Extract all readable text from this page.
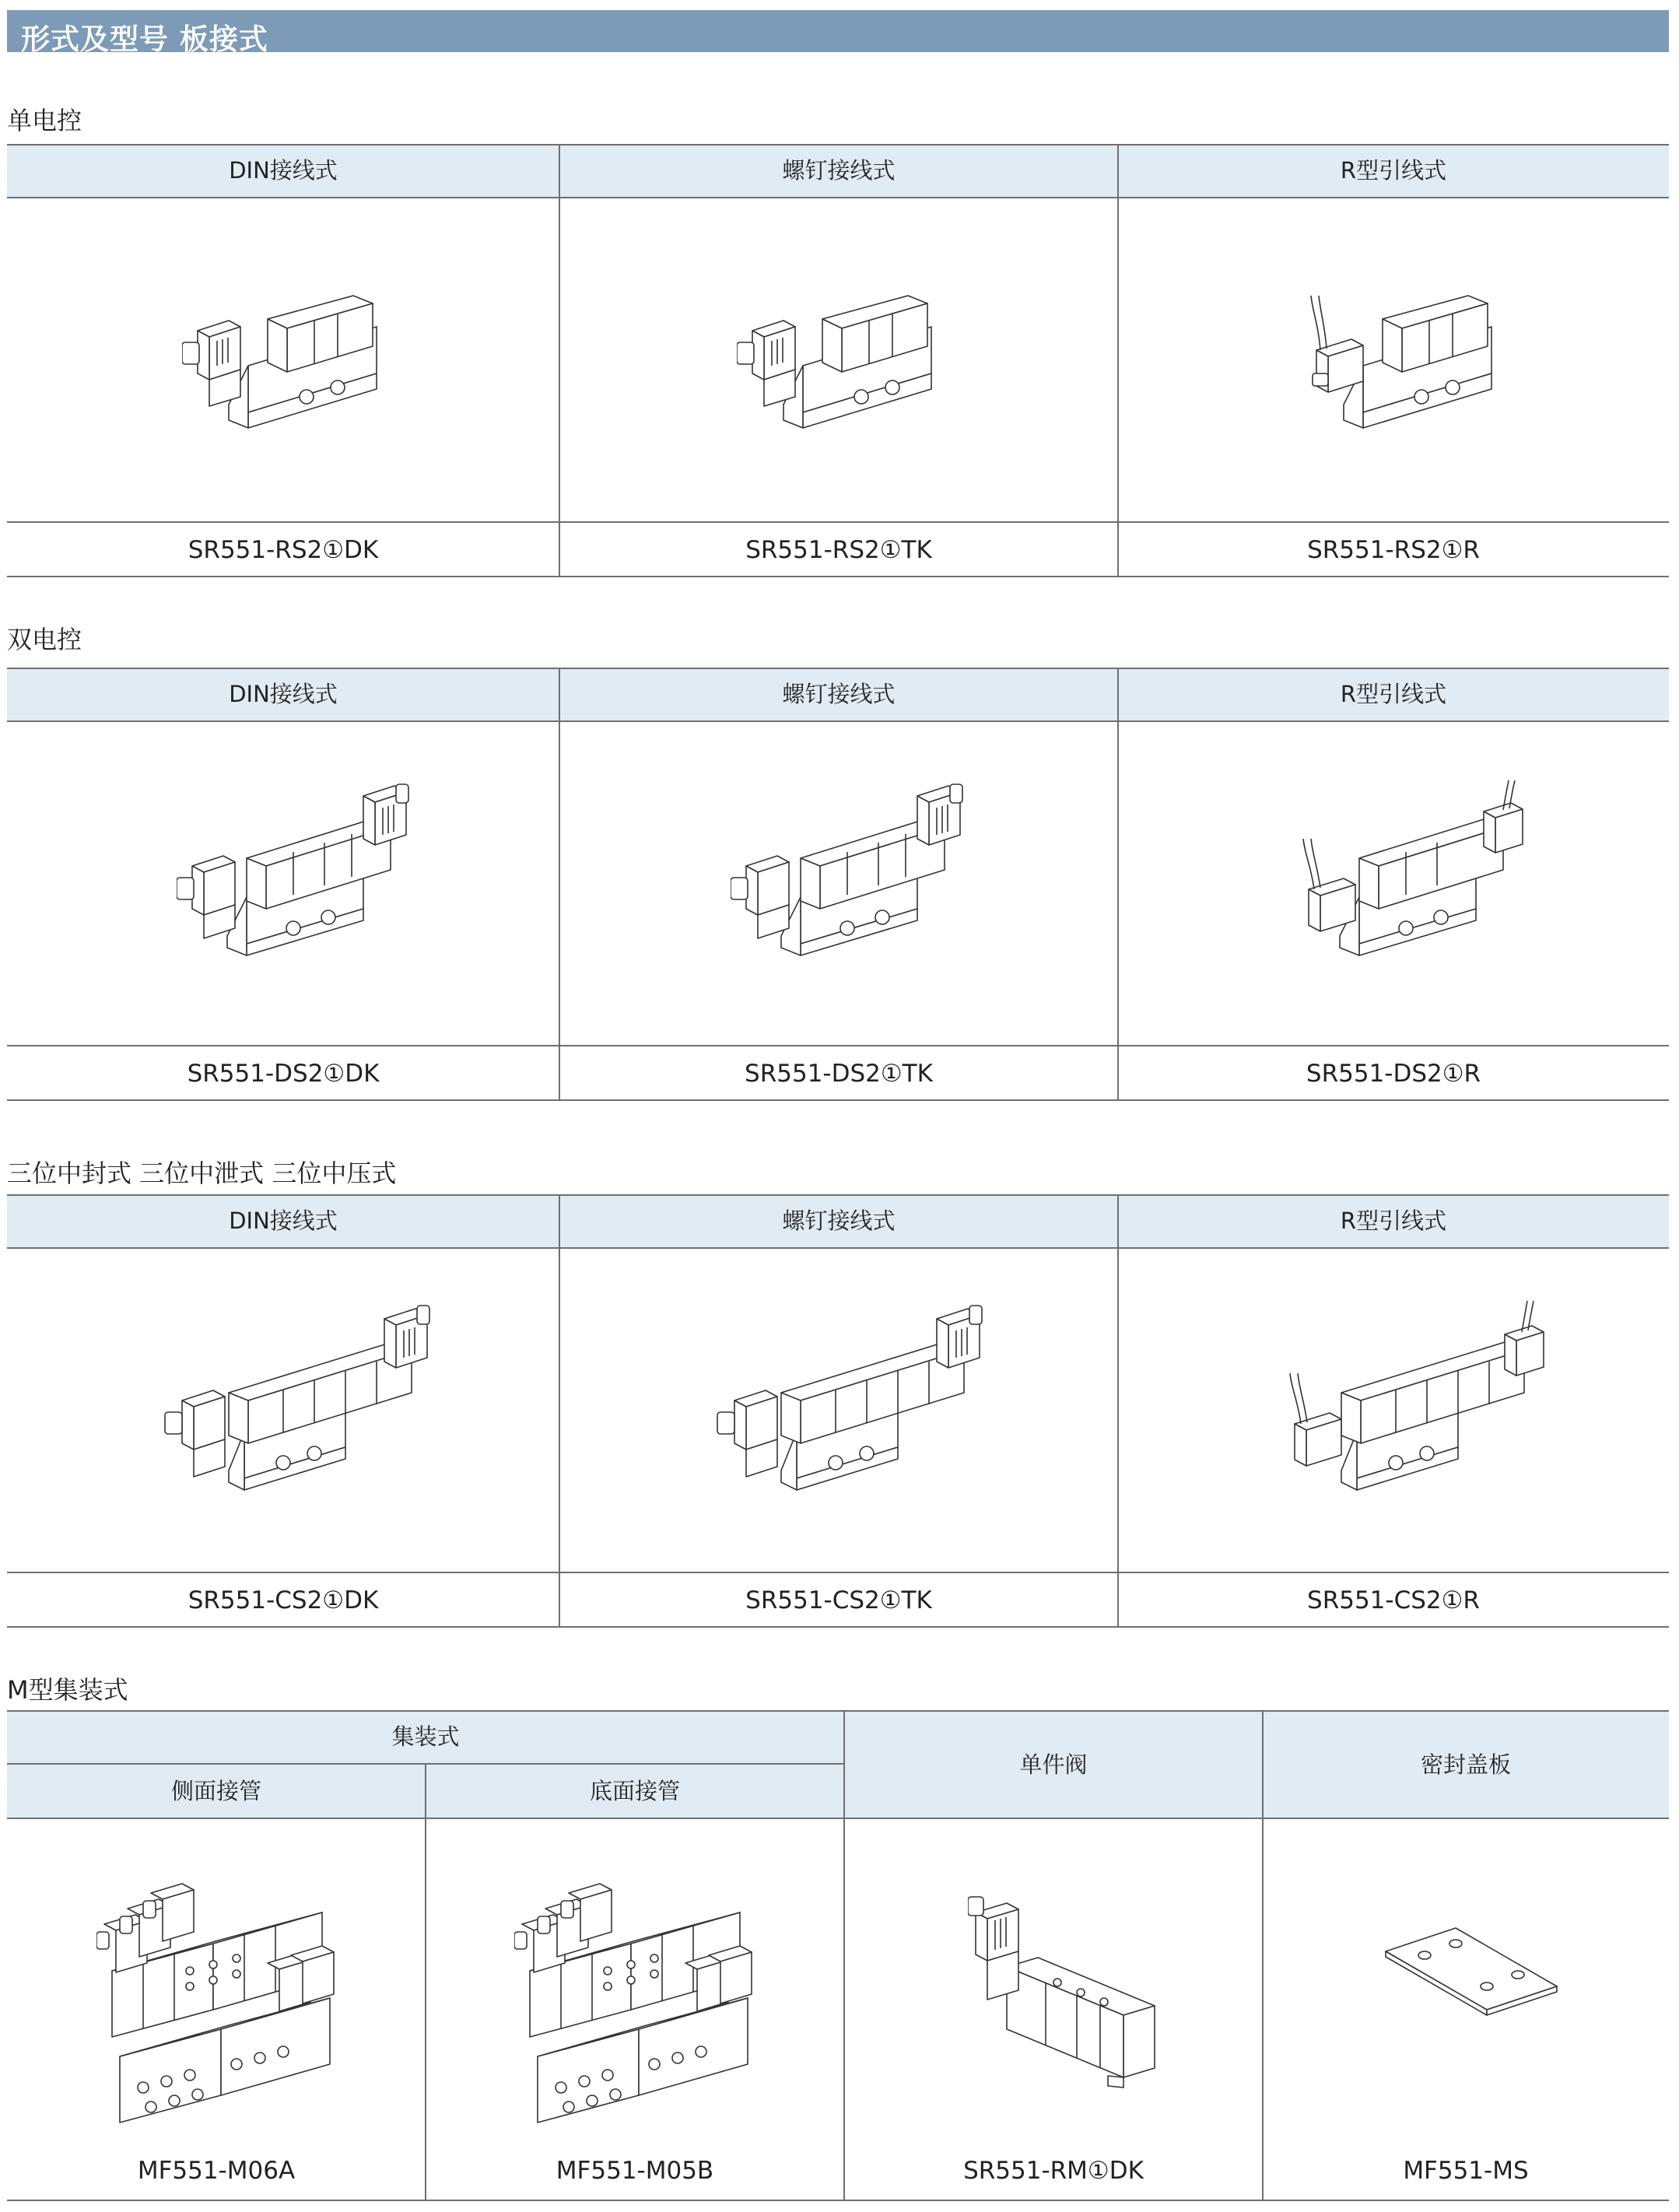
形式及型号 板接式
单电控
DIN接线式	螺钉接线式	R型引线式
SR551-RS2①DK	SR551-RS2①TK	SR551-RS2①R
双电控
DIN接线式	螺钉接线式	R型引线式
SR551-DS2①DK	SR551-DS2①TK	SR551-DS2①R
三位中封式 三位中泄式 三位中压式
DIN接线式	螺钉接线式	R型引线式
SR551-CS2①DK	SR551-CS2①TK	SR551-CS2①R
M型集装式
集装式
侧面接管	底面接管
单件阀	密封盖板
MF551-M06A	MF551-M05B	SR551-RM①DK	MF551-MS
